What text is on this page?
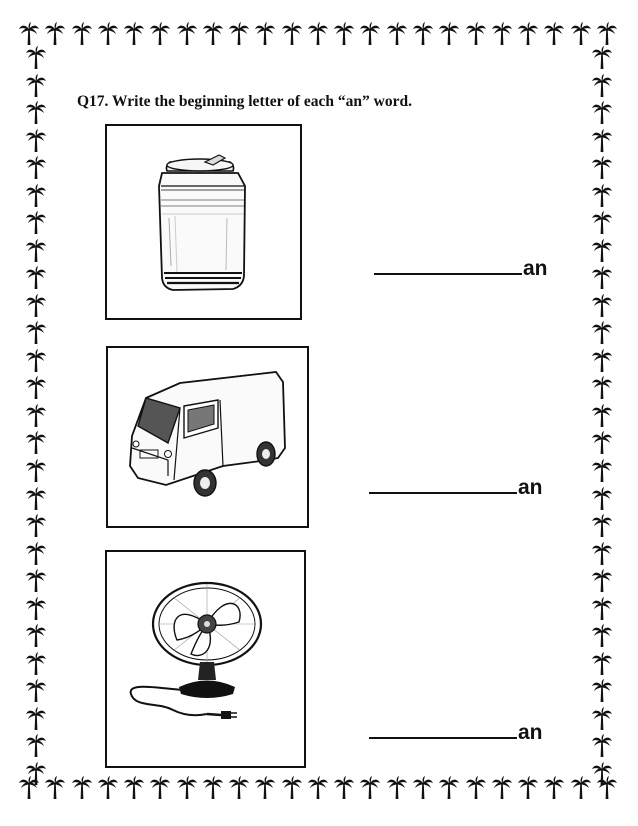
Q17. Write the beginning letter of each “an” word.
an
an
an
